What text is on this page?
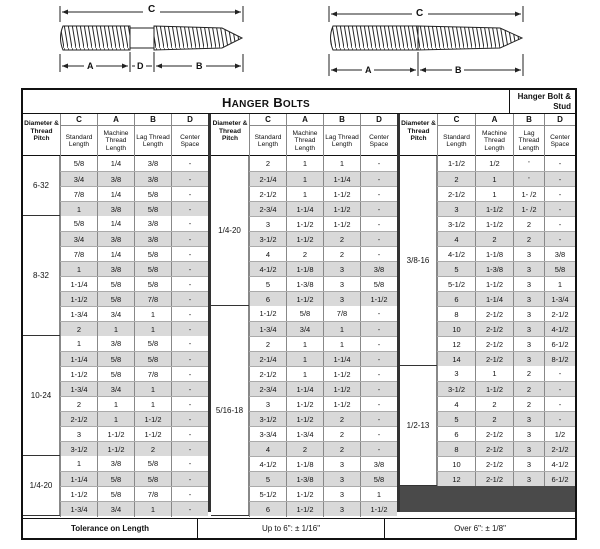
C
A	D	B
C
A	B
HANGER BOLTS
Hanger Bolt &
Stud
Diameter & Thread Pitch
C
Standard Length
A
Machine Thread Length
B
Lag Thread Length
D
Center Space
6-32
5/8	1/4	3/8	-
3/4	3/8	3/8	-
7/8	1/4	5/8	-
1	3/8	5/8	-
8-32
5/8	1/4	3/8	-
3/4	3/8	3/8	-
7/8	1/4	5/8	-
1	3/8	5/8	-
1-1/4	5/8	5/8	-
1-1/2	5/8	7/8	-
1-3/4	3/4	1	-
2	1	1	-
10-24
1	3/8	5/8	-
1-1/4	5/8	5/8	-
1-1/2	5/8	7/8	-
1-3/4	3/4	1	-
2	1	1	-
2-1/2	1	1-1/2	-
3	1-1/2	1-1/2	-
3-1/2	1-1/2	2	-
1/4-20
1	3/8	5/8	-
1-1/4	5/8	5/8	-
1-1/2	5/8	7/8	-
1-3/4	3/4	1	-
Diameter & Thread Pitch
C
Standard Length
A
Machine Thread Length
B
Lag Thread Length
D
Center Space
1/4-20
2	1	1	-
2-1/4	1	1-1/4	-
2-1/2	1	1-1/2	-
2-3/4	1-1/4	1-1/2	-
3	1-1/2	1-1/2	-
3-1/2	1-1/2	2	-
4	2	2	-
4-1/2	1-1/8	3	3/8
5	1-3/8	3	5/8
6	1-1/2	3	1-1/2
5/16-18
1-1/2	5/8	7/8	-
1-3/4	3/4	1	-
2	1	1	-
2-1/4	1	1-1/4	-
2-1/2	1	1-1/2	-
2-3/4	1-1/4	1-1/2	-
3	1-1/2	1-1/2	-
3-1/2	1-1/2	2	-
3-3/4	1-3/4	2	-
4	2	2	-
4-1/2	1-1/8	3	3/8
5	1-3/8	3	5/8
5-1/2	1-1/2	3	1
6	1-1/2	3	1-1/2
Diameter & Thread Pitch
C
Standard Length
A
Machine Thread Length
B
Lag Thread Length
D
Center Space
3/8-16
1-1/2	1/2	'	-
2	1	'	-
2-1/2	1	1- /2	-
3	1-1/2	1- /2	-
3-1/2	1-1/2	2	-
4	2	2	-
4-1/2	1-1/8	3	3/8
5	1-3/8	3	5/8
5-1/2	1-1/2	3	1
6	1-1/4	3	1-3/4
8	2-1/2	3	2-1/2
10	2-1/2	3	4-1/2
12	2-1/2	3	6-1/2
14	2-1/2	3	8-1/2
1/2-13
3	1	2	-
3-1/2	1-1/2	2	-
4	2	2	-
5	2	3	-
6	2-1/2	3	1/2
8	2-1/2	3	2-1/2
10	2-1/2	3	4-1/2
12	2-1/2	3	6-1/2
Tolerance on Length	Up to 6": ± 1/16"	Over 6": ± 1/8"
